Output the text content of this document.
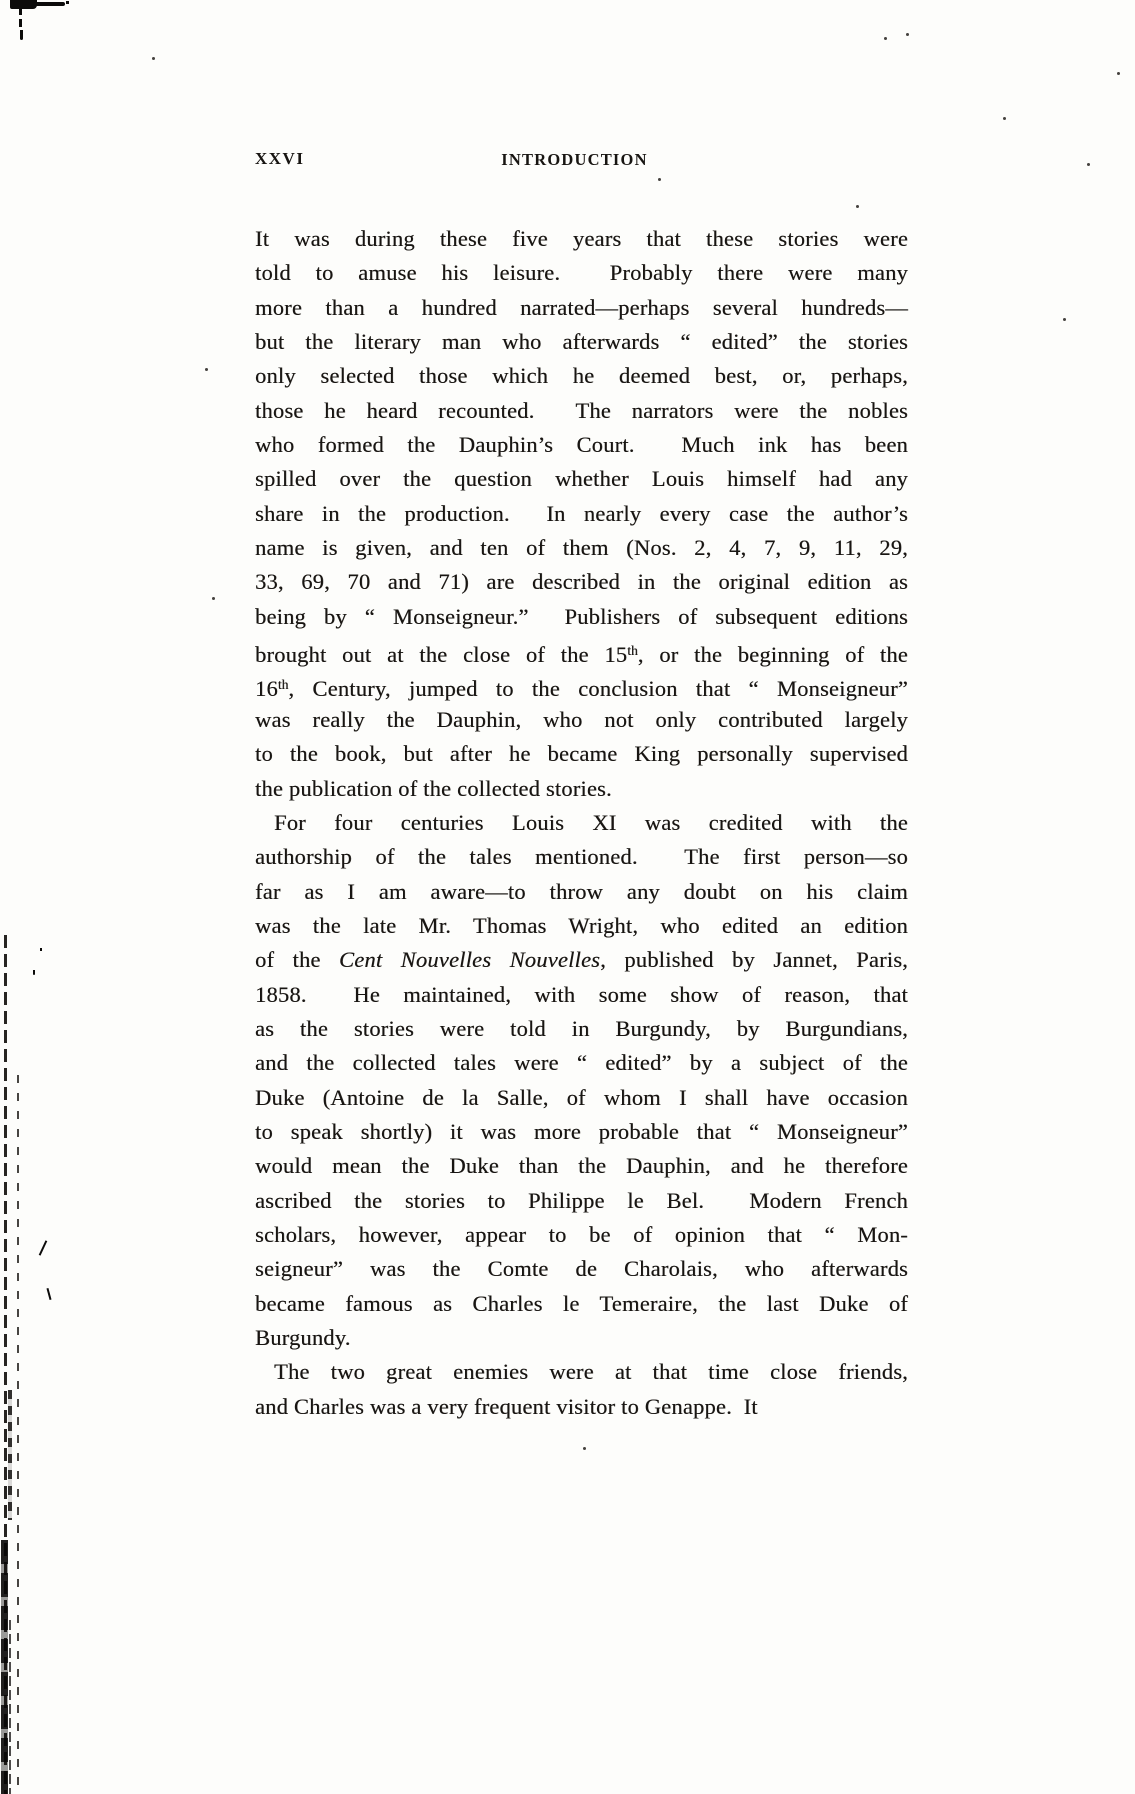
XXVI	INTRODUCTION
It was during these five years that these stories were
told to amuse his leisure.  Probably there were many
more than a hundred narrated—perhaps several hundreds—
but the literary man who afterwards “ edited” the stories
only selected those which he deemed best, or, perhaps,
those he heard recounted.  The narrators were the nobles
who formed the Dauphin’s Court.  Much ink has been
spilled over the question whether Louis himself had any
share in the production.  In nearly every case the author’s
name is given, and ten of them (Nos. 2, 4, 7, 9, 11, 29,
33, 69, 70 and 71) are described in the original edition as
being by “ Monseigneur.”  Publishers of subsequent editions
brought out at the close of the 15th, or the beginning of the
16th, Century, jumped to the conclusion that “ Monseigneur”
was really the Dauphin, who not only contributed largely
to the book, but after he became King personally supervised
the publication of the collected stories.
For four centuries Louis XI was credited with the
authorship of the tales mentioned.  The first person—so
far as I am aware—to throw any doubt on his claim
was the late Mr. Thomas Wright, who edited an edition
of the Cent Nouvelles Nouvelles, published by Jannet, Paris,
1858.  He maintained, with some show of reason, that
as the stories were told in Burgundy, by Burgundians,
and the collected tales were “ edited” by a subject of the
Duke (Antoine de la Salle, of whom I shall have occasion
to speak shortly) it was more probable that “ Monseigneur”
would mean the Duke than the Dauphin, and he therefore
ascribed the stories to Philippe le Bel.  Modern French
scholars, however, appear to be of opinion that “ Mon-
seigneur” was the Comte de Charolais, who afterwards
became famous as Charles le Temeraire, the last Duke of
Burgundy.
The two great enemies were at that time close friends,
and Charles was a very frequent visitor to Genappe.  It
